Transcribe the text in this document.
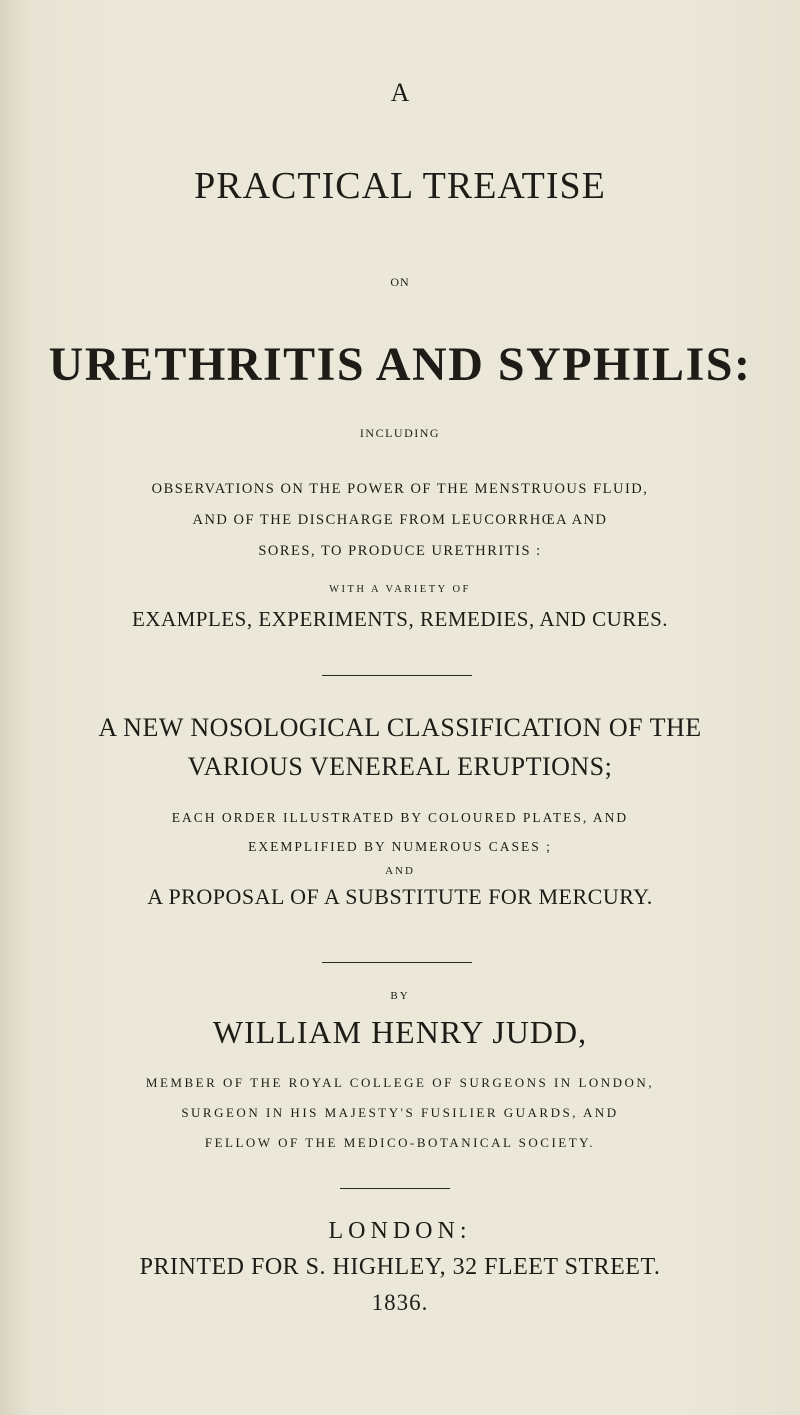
A
PRACTICAL TREATISE
ON
URETHRITIS AND SYPHILIS:
INCLUDING
OBSERVATIONS ON THE POWER OF THE MENSTRUOUS FLUID,
AND OF THE DISCHARGE FROM LEUCORRHŒA AND
SORES, TO PRODUCE URETHRITIS :
WITH A VARIETY OF
EXAMPLES, EXPERIMENTS, REMEDIES, AND CURES.
A NEW NOSOLOGICAL CLASSIFICATION OF THE
VARIOUS VENEREAL ERUPTIONS;
EACH ORDER ILLUSTRATED BY COLOURED PLATES, AND
EXEMPLIFIED BY NUMEROUS CASES ;
AND
A PROPOSAL OF A SUBSTITUTE FOR MERCURY.
BY
WILLIAM HENRY JUDD,
MEMBER OF THE ROYAL COLLEGE OF SURGEONS IN LONDON,
SURGEON IN HIS MAJESTY'S FUSILIER GUARDS, AND
FELLOW OF THE MEDICO-BOTANICAL SOCIETY.
LONDON:
PRINTED FOR S. HIGHLEY, 32 FLEET STREET.
1836.
